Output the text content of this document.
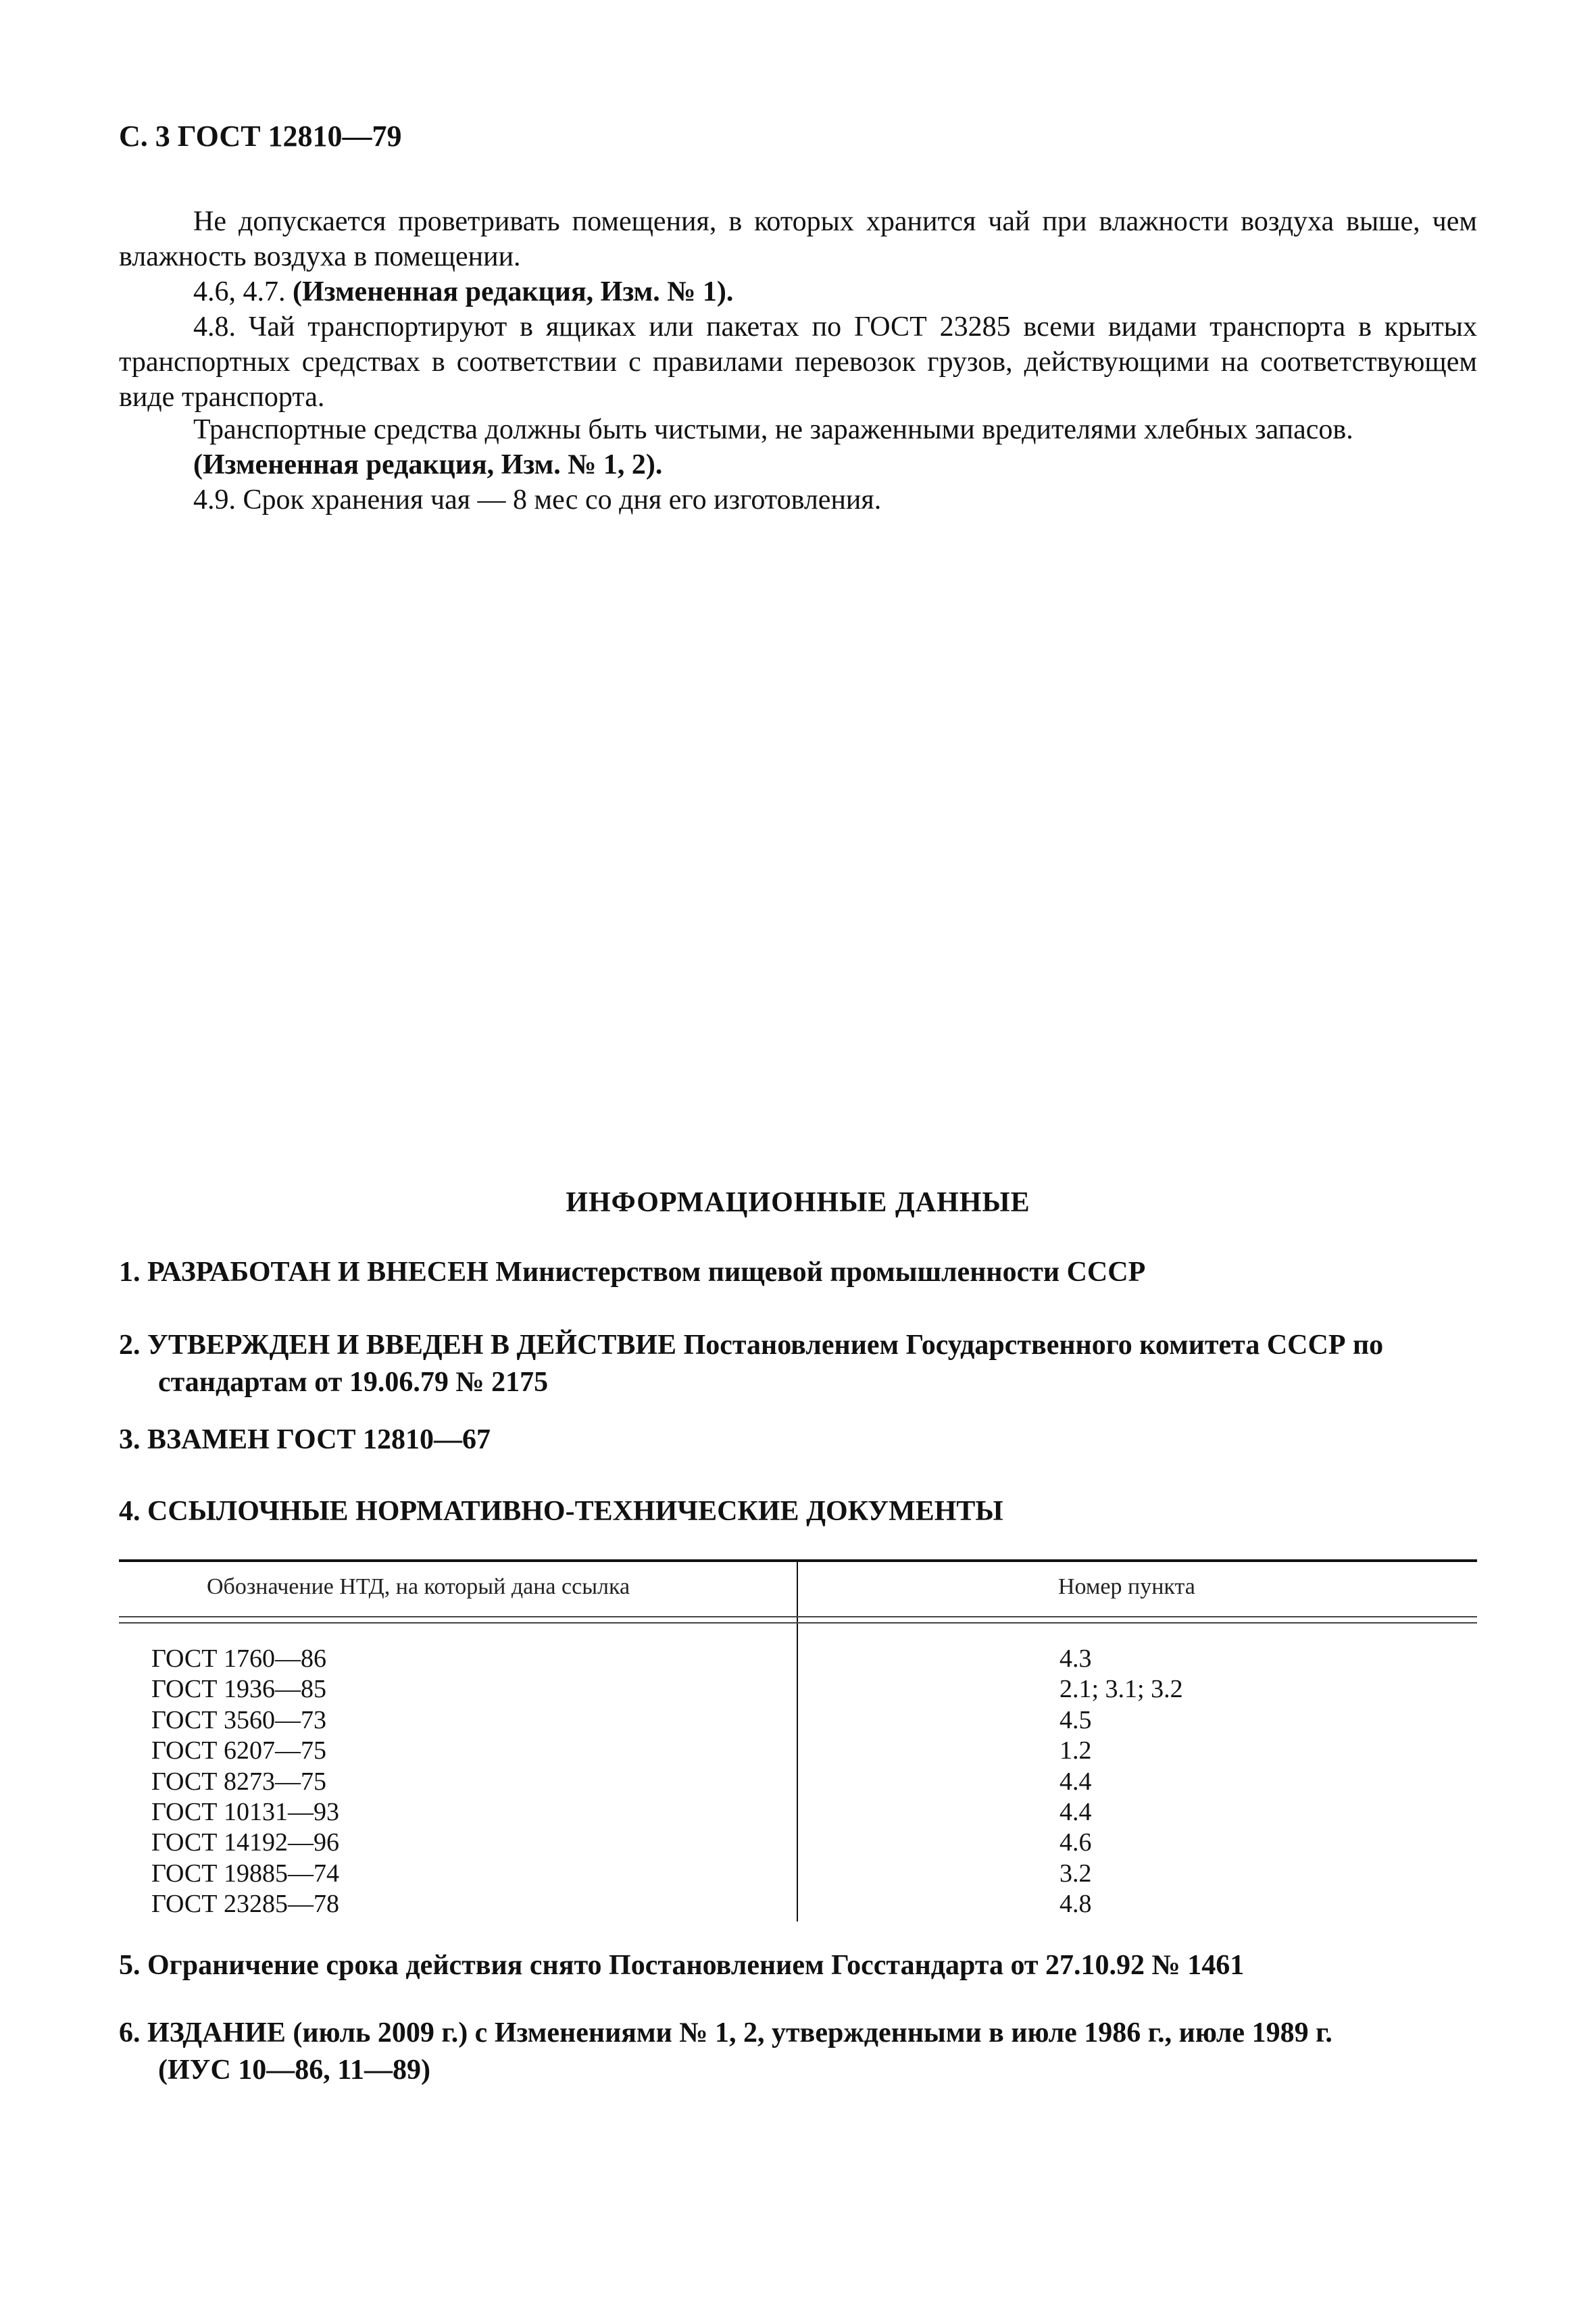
С. 3 ГОСТ 12810—79
Не допускается проветривать помещения, в которых хранится чай при влажности воздуха выше, чем влажность воздуха в помещении.
4.6, 4.7. (Измененная редакция, Изм. № 1).
4.8. Чай транспортируют в ящиках или пакетах по ГОСТ 23285 всеми видами транспорта в крытых транспортных средствах в соответствии с правилами перевозок грузов, действующими на соответствующем виде транспорта.
Транспортные средства должны быть чистыми, не зараженными вредителями хлебных запасов.
(Измененная редакция, Изм. № 1, 2).
4.9. Срок хранения чая — 8 мес со дня его изготовления.
ИНФОРМАЦИОННЫЕ ДАННЫЕ
1. РАЗРАБОТАН И ВНЕСЕН Министерством пищевой промышленности СССР
2. УТВЕРЖДЕН И ВВЕДЕН В ДЕЙСТВИЕ Постановлением Государственного комитета СССР по
стандартам от 19.06.79 № 2175
3. ВЗАМЕН ГОСТ 12810—67
4. ССЫЛОЧНЫЕ НОРМАТИВНО-ТЕХНИЧЕСКИЕ ДОКУМЕНТЫ
Обозначение НТД, на который дана ссылка	Номер пункта
ГОСТ 1760—86	4.3
ГОСТ 1936—85	2.1; 3.1; 3.2
ГОСТ 3560—73	4.5
ГОСТ 6207—75	1.2
ГОСТ 8273—75	4.4
ГОСТ 10131—93	4.4
ГОСТ 14192—96	4.6
ГОСТ 19885—74	3.2
ГОСТ 23285—78	4.8
5. Ограничение срока действия снято Постановлением Госстандарта от 27.10.92 № 1461
6. ИЗДАНИЕ (июль 2009 г.) с Изменениями № 1, 2, утвержденными в июле 1986 г., июле 1989 г.
(ИУС 10—86, 11—89)
